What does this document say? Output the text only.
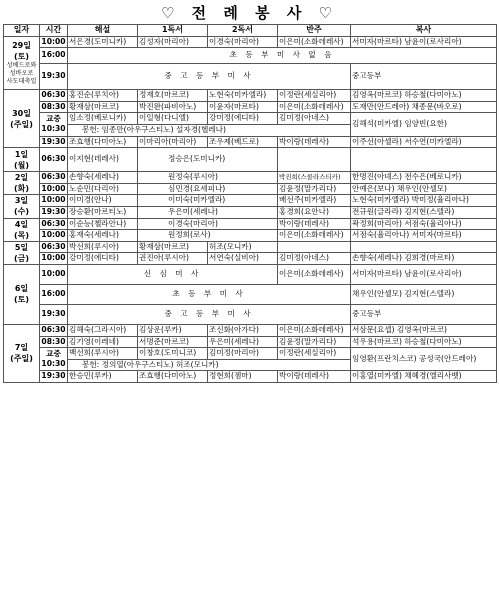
♡ 전 례 봉 사 ♡
일자	시간	해설	1독서	2독서	반주	복사
29일
(토)
성베드로와
성바오로
사도대축일	10:00	서은경(도미니카)	김성자(마리아)	이경숙(마리아)	이은미(소화데레사)	서미자(마르타) 남윤이(로사리아)
	16:00	초 등 부 미 사 없 음				
	19:30	중 고 등 부 미 사				중고등부
30일
(주일)	06:30	홍진순(루치아)	정재호(마르코)	노현숙(미카엘라)	이정란(세실리아)	김영옥(마르코) 하승철(다미아노)
	08:30	황재삼(마르코)	박진완(파비아노)	이윤자(마르타)	이은미(소화데레사)	도재만(안드레아) 채종문(바오로)
	교중
10:30	임소정(베로니카)	이일형(다니엘)	강미정(에디타)	김미정(아네스)	김해석(미카엘) 임양빈(요한)
		봉헌: 임종만(아우구스티노) 설자경(헬레나)				
	19:30	조효행(다미아노)	이마리아(마리아)	조우제(베드로)	박이랑(데레사)	이주선(아셀라) 서수연(미카엘라)
1일
(월)	06:30	이지현(데레사)	정승은(도미니카)			
2일
(화)	06:30	손향숙(세레나)	원정숙(루시아)		박진희(스콜라스티카)	한명진(아녜스) 전수은(베로니카)
	10:00	노순민(다리아)	심민경(요세피나)		김윤정(말가리다)	안예은(보나) 채우인(안셀모)
3일
(수)	10:00	이미경(안나)	이미숙(미카엘라)		배선주(미카엘라)	노현숙(미카엘라) 박미정(율리아나)
	19:30	장승환(마르티노)	우은미(세레나)		홍경희(요안나)	전규원(글라라) 김지현(스텔라)
4일
(목)	06:30	이순능(첼라안나)	이경숙(마리아)		박이랑(데레사)	곽정희(마리아) 서점숙(율리아나)
	10:00	홍재숙(세레나)	원정희(로사)		이은미(소화데레사)	서점숙(율리아나) 서미자(마르타)
5일
(금)	06:30	박선희(루시아)	황재삼(마르코)	허조(모니카)		
	10:00	강미정(에디타)	권진아(루시아)	서연숙(실비아)	김미정(아네스)	손향숙(세레나) 김희경(마르타)
6일
(토)	10:00	신 심 미 사			이은미(소화데레사)	서미자(마르타) 남윤이(로사리아)
	16:00	초 등 부 미 사				채우인(안셀모) 김지현(스텔라)
	19:30	중 고 등 부 미 사				중고등부
7일
(주일)	06:30	김해숙(그라시아)	김상운(루카)	조신화(아가다)	이은미(소화데레사)	서삼문(요셉) 김영옥(마르코)
	08:30	김기영(이레네)	서명준(마르코)	우은미(세레나)	김윤정(말가리다)	석우용(마르코) 하승철(다미아노)
	교중
10:30	백선희(루시아)	이창호(도미니코)	김미정(마리아)	이정란(세실리아)	임영환(프란치스코) 공성국(안드레아)
		봉헌: 정의열(아우구스티노) 허조(모니카)				
	19:30	한승민(루카)	조효행(다미아노)	정현희(젬마)	박이랑(데레사)	이홍열(미카엘) 채혜경(엘리사벳)
